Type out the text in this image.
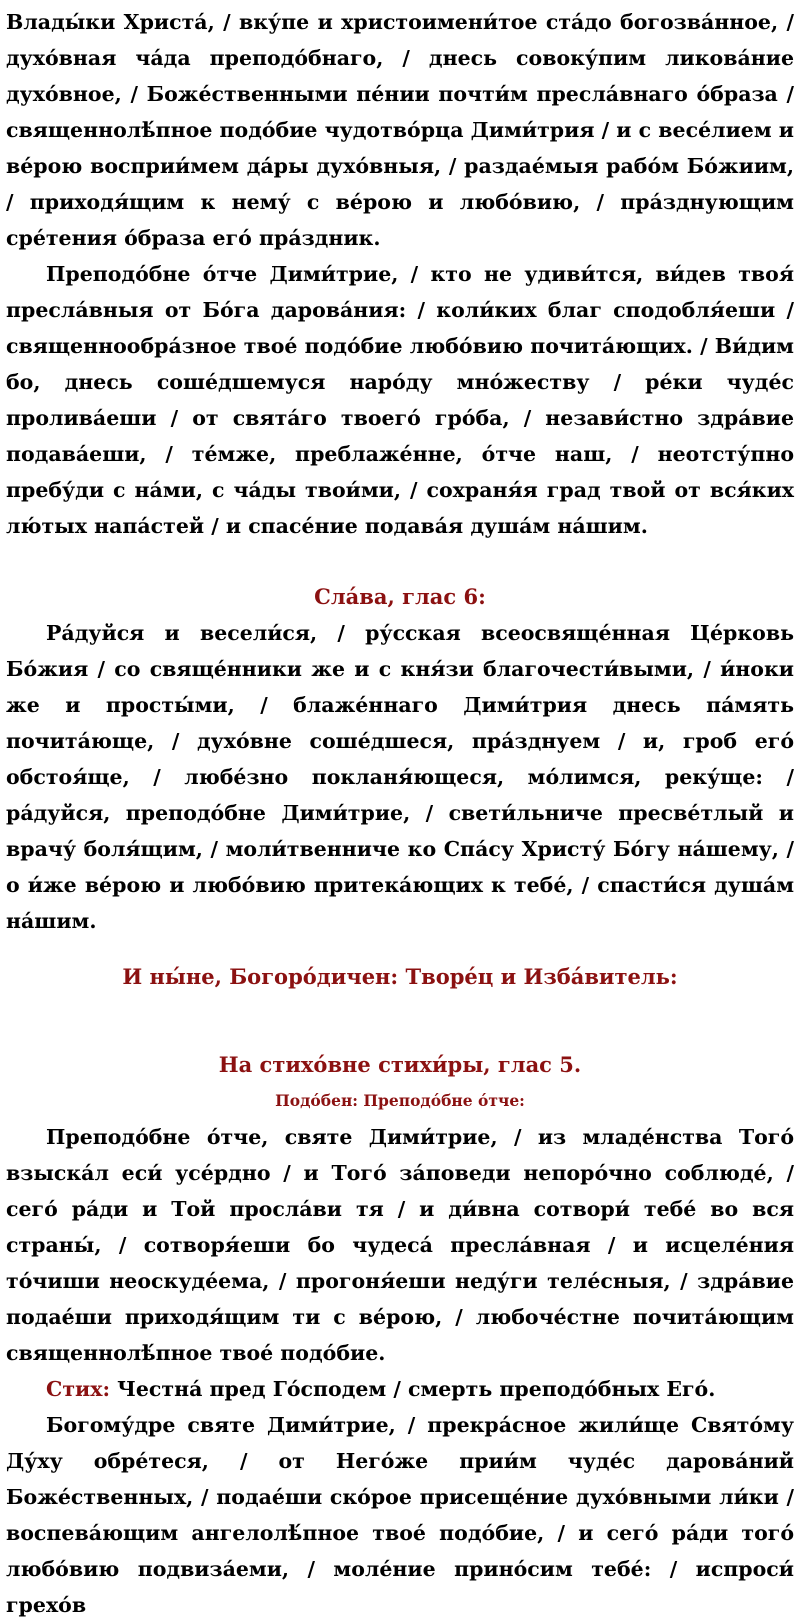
Влады́ки Христа́, / вку́пе и христоимени́тое ста́до богозва́нное, / духо́вная ча́да преподо́бнаго, / днесь совоку́пим ликова́ние духо́вное, / Боже́ственными пе́нии почти́м пресла́внаго о́браза / священнолѣ́пное подо́бие чудотво́рца Дими́трия / и с весе́лием и ве́рою восприи́мем да́ры духо́вныя, / раздае́мыя рабо́м Бо́жиим, / приходя́щим к нему́ с ве́рою и любо́вию, / пра́зднующим сре́тения о́браза его́ пра́здник.

Преподо́бне о́тче Дими́трие, / кто не удиви́тся, ви́дев твоя́ пресла́вныя от Бо́га дарова́ния: / коли́ких благ сподобля́еши / священнообра́зное твое́ подо́бие любо́вию почита́ющих. / Ви́дим бо, днесь соше́дшемуся наро́ду мно́жеству / ре́ки чуде́с пролива́еши / от свята́го твоего́ гро́ба, / незави́стно здра́вие подава́еши, / те́мже, преблаже́нне, о́тче наш, / неотсту́пно пребу́ди с на́ми, с ча́ды твои́ми, / сохраня́я град твой от вся́ких лю́тых напа́стей / и спасе́ние подава́я душа́м на́шим.

Сла́ва, глас 6:

Ра́дуйся и весели́ся, / ру́сская всеосвяще́нная Це́рковь Бо́жия / со свяще́нники же и с кня́зи благочести́выми, / и́ноки же и просты́ми, / блаже́ннаго Дими́трия днесь па́мять почита́юще, / духо́вне соше́дшеся, пра́зднуем / и, гроб его́ обстоя́ще, / любе́зно покланя́ющеся, мо́лимся, реку́ще: / ра́дуйся, преподо́бне Дими́трие, / свети́льниче пресве́тлый и врачу́ боля́щим, / моли́твенниче ко Спа́су Христу́ Бо́гу на́шему, / о и́же ве́рою и любо́вию притека́ющих к тебе́, / спасти́ся душа́м на́шим.

И ны́не, Богоро́дичен: Творе́ц и Изба́витель:

На стихо́вне стихи́ры, глас 5.

Подо́бен: Преподо́бне о́тче:

Преподо́бне о́тче, святе Дими́трие, / из младе́нства Того́ взыска́л еси́ усе́рдно / и Того́ за́поведи непоро́чно соблюде́, / сего́ ра́ди и Той просла́ви тя / и ди́вна сотвори́ тебе́ во вся страны́, / сотворя́еши бо чудеса́ пресла́вная / и исцеле́ния то́чиши неоскуде́ема, / прогоня́еши неду́ги теле́сныя, / здра́вие подае́ши приходя́щим ти с ве́рою, / любоче́стне почита́ющим священнолѣ́пное твое́ подо́бие.

Стих: Честна́ пред Го́сподем / смерть преподо́бных Его́.

Богому́дре святе Дими́трие, / прекра́сное жили́ще Свято́му Ду́ху обре́теся, / от Него́же прии́м чуде́с дарова́ний Боже́ственных, / подае́ши ско́рое присеще́ние духо́вными ли́ки / воспева́ющим ангелолѣ́пное твое́ подо́бие, / и сего́ ра́ди того́ любо́вию подвиза́еми, / моле́ние прино́сим тебе́: / испроси́ грехо́в
